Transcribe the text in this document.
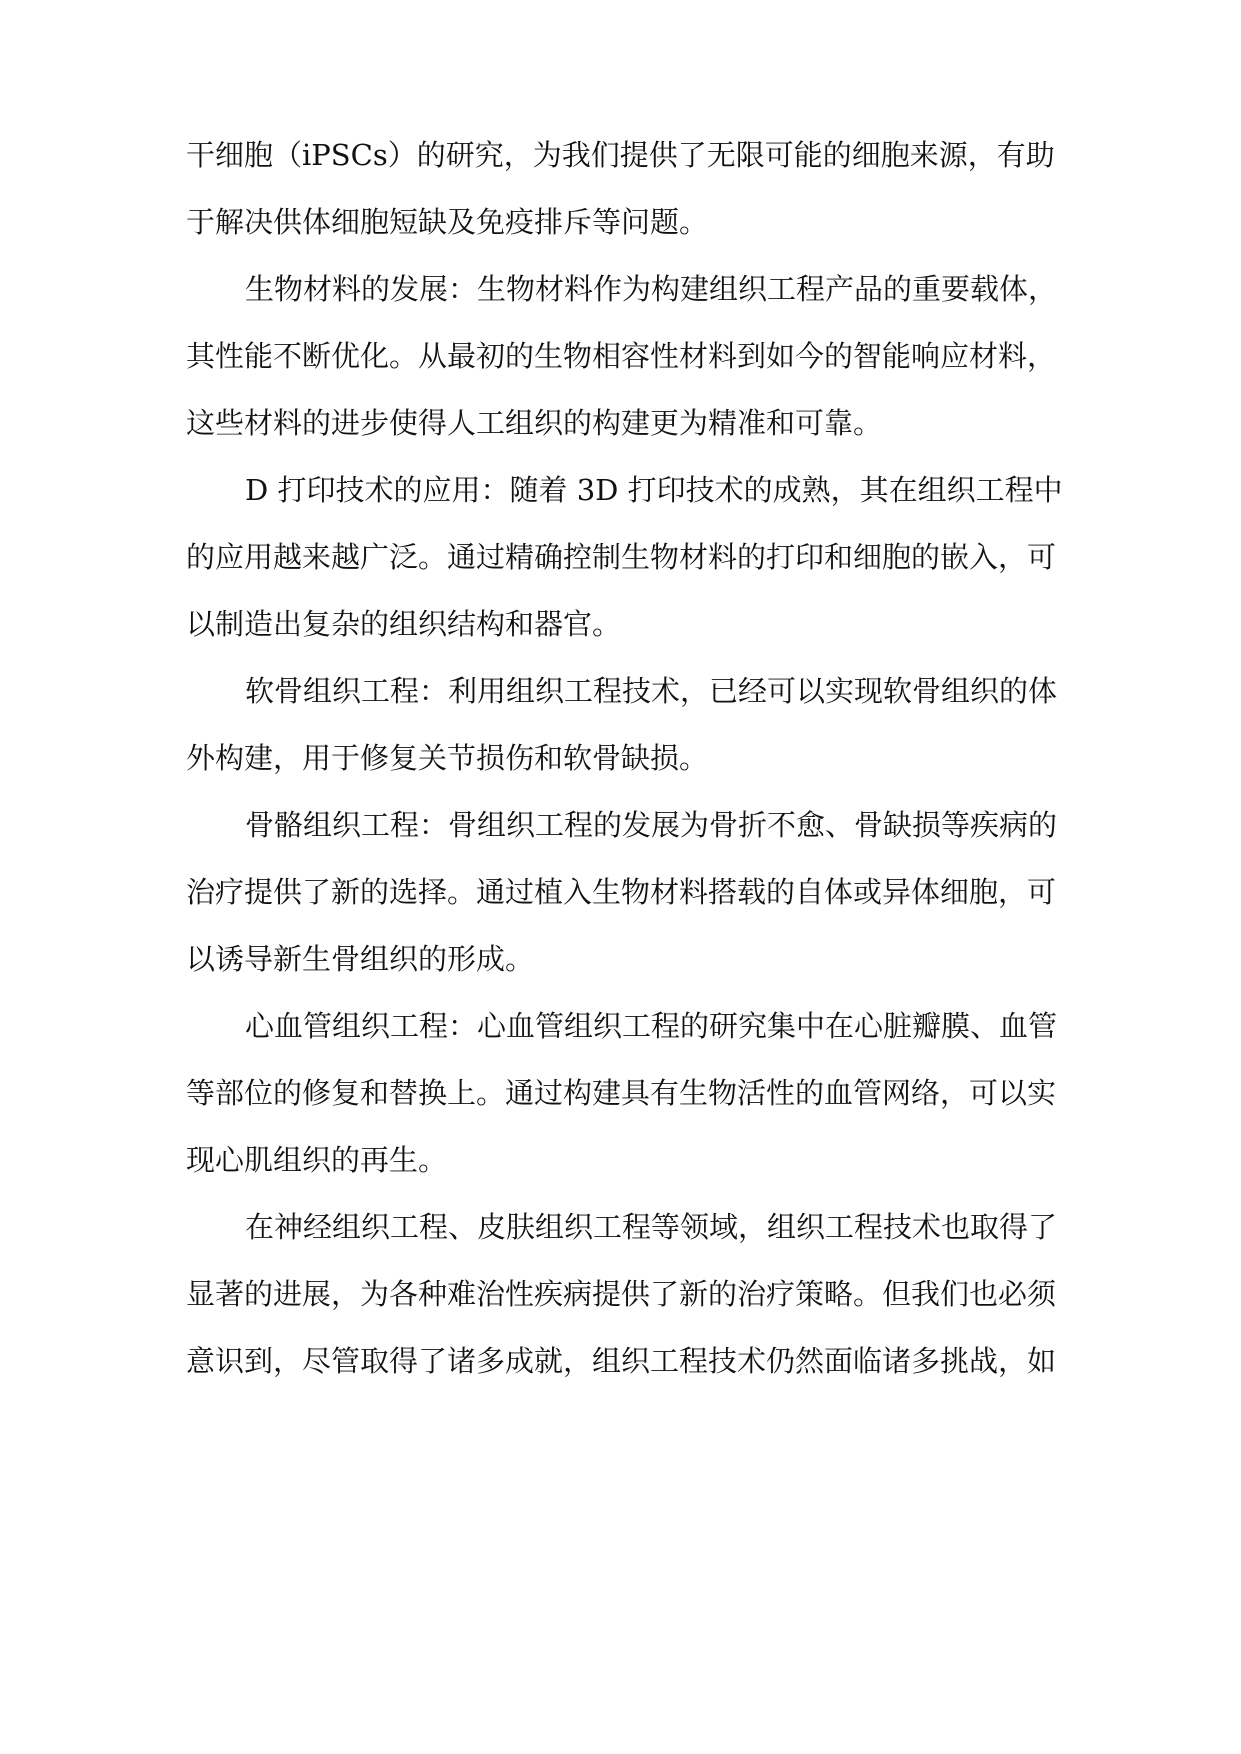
干细胞（iPSCs）的研究，为我们提供了无限可能的细胞来源，有助

于解决供体细胞短缺及免疫排斥等问题。

生物材料的发展：生物材料作为构建组织工程产品的重要载体，

其性能不断优化。从最初的生物相容性材料到如今的智能响应材料，

这些材料的进步使得人工组织的构建更为精准和可靠。

D 打印技术的应用：随着 3D 打印技术的成熟，其在组织工程中

的应用越来越广泛。通过精确控制生物材料的打印和细胞的嵌入，可

以制造出复杂的组织结构和器官。

软骨组织工程：利用组织工程技术，已经可以实现软骨组织的体

外构建，用于修复关节损伤和软骨缺损。

骨骼组织工程：骨组织工程的发展为骨折不愈、骨缺损等疾病的

治疗提供了新的选择。通过植入生物材料搭载的自体或异体细胞，可

以诱导新生骨组织的形成。

心血管组织工程：心血管组织工程的研究集中在心脏瓣膜、血管

等部位的修复和替换上。通过构建具有生物活性的血管网络，可以实

现心肌组织的再生。

在神经组织工程、皮肤组织工程等领域，组织工程技术也取得了

显著的进展，为各种难治性疾病提供了新的治疗策略。但我们也必须

意识到，尽管取得了诸多成就，组织工程技术仍然面临诸多挑战，如
